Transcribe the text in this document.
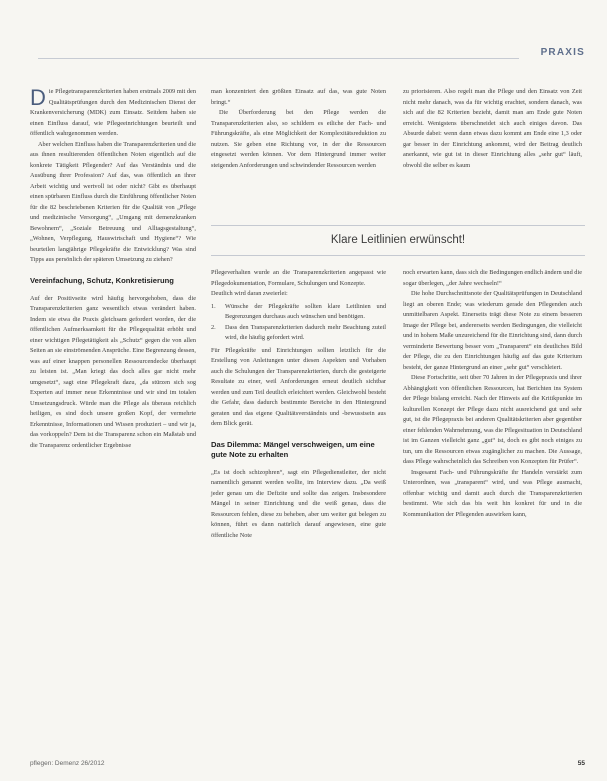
PRAXIS

Die Pflegetransparenzkriterien haben erstmals 2009 mit den Qualitätsprüfungen durch den Medizinischen Dienst der Krankenversicherung (MDK) zum Einsatz. Seitdem haben sie einen Einfluss darauf, wie Pflegeeinrichtungen beurteilt und öffentlich wahrgenommen werden.

Aber welchen Einfluss haben die Transparenzkriterien und die aus ihnen resultierenden öffentlichen Noten eigentlich auf die konkrete Tätigkeit Pflegender? Auf das Verständnis und die Ausübung ihrer Profession? Auf das, was öffentlich an ihrer Arbeit wichtig und wertvoll ist oder nicht? Gibt es überhaupt einen spürbaren Einfluss durch die Einführung öffentlicher Noten für die 82 beschriebenen Kriterien für die Qualität von „Pflege und medizinische Versorgung“, „Umgang mit demenzkranken Bewohnern“, „Soziale Betreuung und Alltagsgestaltung“, „Wohnen, Verpflegung, Hauswirtschaft und Hygiene“? Wie beurteilen langjährige Pflegekräfte die Entwicklung? Was sind Tipps aus persönlich der späteren Umsetzung zu ziehen?

Vereinfachung, Schutz, Konkretisierung

Auf der Positivseite wird häufig hervorgehoben, dass die Transparenzkriterien ganz wesentlich etwas verändert haben. Indem sie etwa die Praxis gleichsam gefordert worden, der die öffentlichen Aufmerksamkeit für die Pflegequalität erhöht und einer wichtigen Pflegetätigkeit als „Schutz“ gegen die von allen Seiten an sie einströmenden Ansprüche. Eine Begrenzung dessen, was auf einer knappen personellen Ressourcendecke überhaupt zu leisten ist. „Man kriegt das doch alles gar nicht mehr umgesetzt“, sagt eine Pflegekraft dazu, „da stürzen sich sog Experten auf immer neue Erkenntnisse und wir sind im totalen Umsetzungsdruck. Würde man die Pflege als überaus reichlich heiligen, es sind doch unsere großen Kopf, der vermehrte Erkenntnisse, Informationen und Wissen produziert – und wir ja, das vorkoppeln? Dem ist die Transparenz schon ein Maßstab und die Transparenz ordentlicher Ergebnisse

man konzentriert den größten Einsatz auf das, was gute Noten bringt.“

Die Überforderung bei den Pflege werden die Transparenzkriterien also, so schildern es etliche der Fach- und Führungskräfte, als eine Möglichkeit der Komplexitätsreduktion zu nutzen. Sie geben eine Richtung vor, in der die Ressourcen eingesetzt werden können. Vor dem Hintergrund immer weiter steigenden Anforderungen und schwindender Ressourcen werden

zu priorisieren. Also regelt man die Pflege und den Einsatz von Zeit nicht mehr danach, was da für wichtig erachtet, sondern danach, was sich auf die 82 Kriterien bezieht, damit man am Ende gute Noten erreicht. Wenigstens überschneidet sich auch einiges davon. Das Absurde dabei: wenn dann etwas dazu kommt am Ende eine 1,3 oder gar besser in der Einrichtung ankommt, wird der Beitrag deutlich anerkannt, wie gut ist in dieser Einrichtung alles „sehr gut“ läuft, obwohl die selber es kaum

Klare Leitlinien erwünscht!

Pflegeverhalten wurde an die Transparenzkriterien angepasst wie Pflegedokumentation, Formulare, Schulungen und Konzepte.

Deutlich wird daran zweierlei:

1. Wünsche der Pflegekräfte sollten klare Leitlinien und Begrenzungen durchaus auch wünschen und benötigen.
2. Dass den Transparenzkriterien dadurch mehr Beachtung zuteil wird, die häufig gefordert wird.

Für Pflegekräfte und Einrichtungen sollten letztlich für die Erstellung von Anleitungen unter diesen Aspekten und Vorhaben auch die Schulungen der Transparenzkriterien, durch die gesteigerte Resultate zu einer, weil Anforderungen erneut deutlich sichtbar werden und zum Teil deutlich erleichtert werden. Gleichwohl besteht die Gefahr, dass dadurch bestimmte Bereiche in den Hintergrund geraten und das eigene Qualitätsverständnis und -bewusstsein aus dem Blick gerät.

Das Dilemma: Mängel verschweigen, um eine gute Note zu erhalten

„Es ist doch schizophren“, sagt ein Pflegedienstleiter, der nicht namentlich genannt werden wollte, im Interview dazu. „Da weiß jeder genau um die Defizite und sollte das zeigen. Insbesondere Mängel in seiner Einrichtung und die weiß genau, dass die Ressourcen fehlen, diese zu beheben, aber um weiter gut belegen zu können, führt es dann natürlich darauf angewiesen, eine gute öffentliche Note

noch erwarten kann, dass sich die Bedingungen endlich ändern und die sogar überlegen, „der Jahre wechseln!“

Die hohe Durchschnittsnote der Qualitätsprüfungen in Deutschland liegt an oberen Ende; was wiederum gerade den Pflegenden auch unmittelbaren Aspekt. Einerseits trägt diese Note zu einem besseren Image der Pflege bei, andererseits werden Bedingungen, die vielleicht und in hohem Maße unzureichend für die Einrichtung sind, dann durch verminderte Bewertung besser vom „Transparent“ ein deutliches Bild der Pflege, die zu den Einrichtungen häufig auf das gute Kriterium besteht, der ganze Hintergrund an einer „sehr gut“ verschleiert.

Diese Fortschritte, seit über 70 Jahren in der Pflegepraxis und ihrer Abhängigkeit von öffentlichen Ressourcen, hat Berichten ins System der Pflege bislang erreicht. Nach der Hinweis auf die Kritikpunkte im kulturellen Konzept der Pflege dazu nicht ausreichend gut und sehr gut, ist die Pflegepraxis bei anderen Qualitätskriterien aber gegenüber einer fehlenden Wahrnehmung, was die Pflegesituation in Deutschland ist im Ganzen vielleicht ganz „gut“ ist, doch es gibt noch einiges zu tun, um die Ressourcen etwas zugänglicher zu machen. Die Aussage, dass Pflege wahrscheinlich das Schreiben von Konzepten für Prüfer“.

Insgesamt Fach- und Führungskräfte ihr Handeln verstärkt zum Unterordnen, was „transparent“ wird, und was Pflege ausmacht, offenbar wichtig und damit auch durch die Transparenzkriterien bestimmt. Wie sich das bis weit hin konkret für und in die Kommunikation der Pflegenden auswirken kann,

pflegen: Demenz 26/2012	55
